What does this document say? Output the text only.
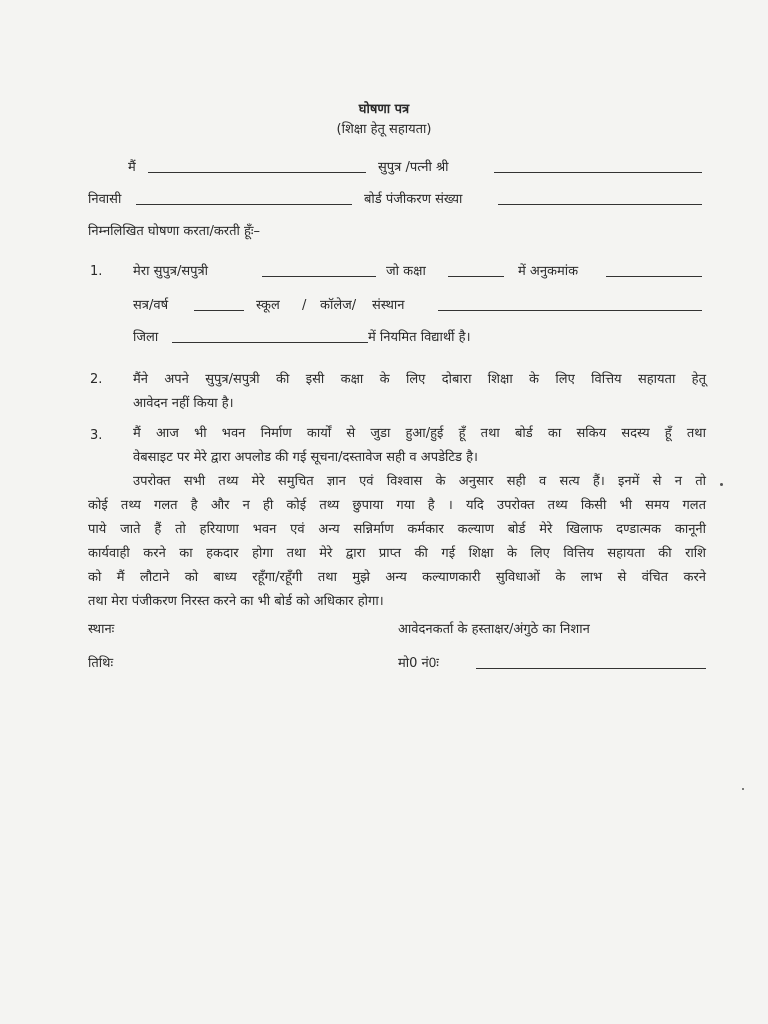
घोषणा पत्र
(शिक्षा हेतू सहायता)
मैं	सुपुत्र /पत्नी श्री
निवासी	बोर्ड पंजीकरण संख्या
निम्नलिखित घोषणा करता/करती हूँः–
1. मेरा सुपुत्र/सपुत्री	जो कक्षा	में अनुकमांक
सत्र/वर्ष	स्कूल / कॉलेज/ संस्थान
जिला	में नियमित विद्यार्थी है।
2. मैंने अपने सुपुत्र/सपुत्री की इसी कक्षा के लिए दोबारा शिक्षा के लिए वित्तिय सहायता हेतू
आवेदन नहीं किया है।
3. मैं आज भी भवन निर्माण कार्यों से जुडा हुआ/हुई हूँ तथा बोर्ड का सकिय सदस्य हूँ तथा
वेबसाइट पर मेरे द्वारा अपलोड की गई सूचना/दस्तावेज सही व अपडेटिड है।
उपरोक्त सभी तथ्य मेरे समुचित ज्ञान एवं विश्वास के अनुसार सही व सत्य हैं। इनमें से न तो
कोई तथ्य गलत है और न ही कोई तथ्य छुपाया गया है । यदि उपरोक्त तथ्य किसी भी समय गलत
पाये जाते हैं तो हरियाणा भवन एवं अन्य सन्निर्माण कर्मकार कल्याण बोर्ड मेरे खिलाफ दण्डात्मक कानूनी
कार्यवाही करने का हकदार होगा तथा मेरे द्वारा प्राप्त की गई शिक्षा के लिए वित्तिय सहायता की राशि
को मैं लौटाने को बाध्य रहूँगा/रहूँगी तथा मुझे अन्य कल्याणकारी सुविधाओं के लाभ से वंचित करने
तथा मेरा पंजीकरण निरस्त करने का भी बोर्ड को अधिकार होगा।
स्थानः	आवेदनकर्ता के हस्ताक्षर/अंगुठे का निशान
तिथिः	मो0 नं0ः
